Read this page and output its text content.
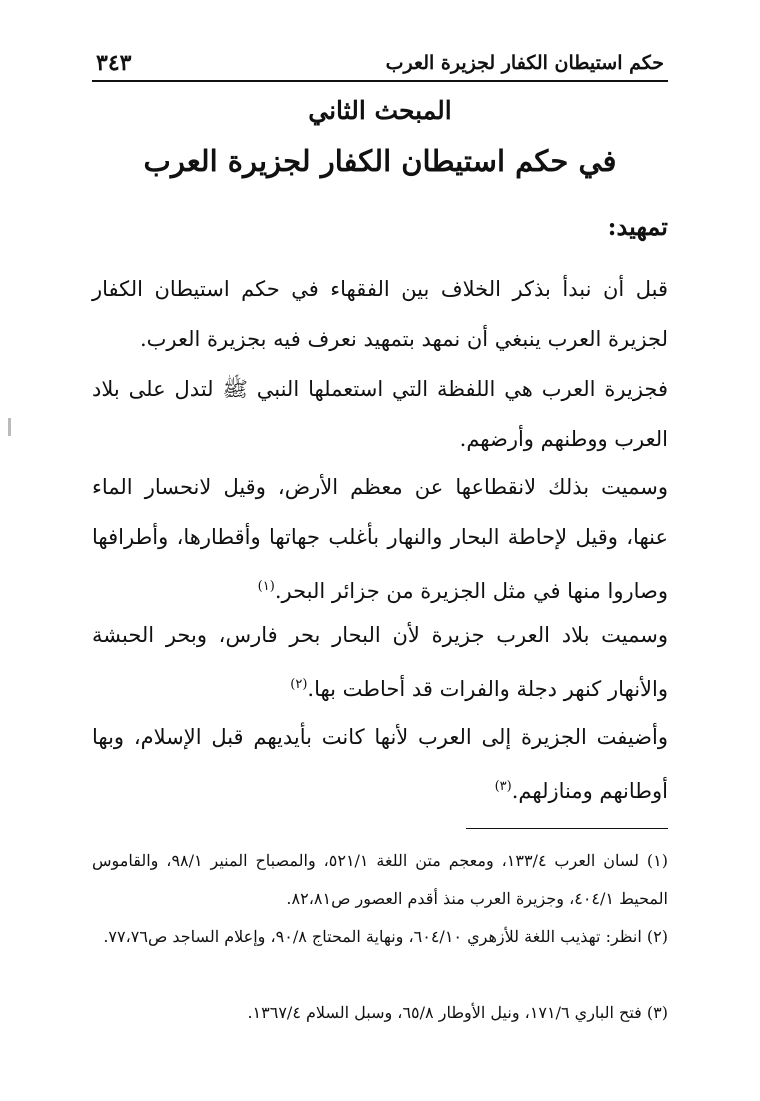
حكم استيطان الكفار لجزيرة العرب
٣٤٣
المبحث الثاني
في حكم استيطان الكفار لجزيرة العرب
تمهيد:

قبل أن نبدأ بذكر الخلاف بين الفقهاء في حكم استيطان الكفار لجزيرة العرب ينبغي أن نمهد بتمهيد نعرف فيه بجزيرة العرب.

فجزيرة العرب هي اللفظة التي استعملها النبي ﷺ لتدل على بلاد العرب ووطنهم وأرضهم.

وسميت بذلك لانقطاعها عن معظم الأرض، وقيل لانحسار الماء عنها، وقيل لإحاطة البحار والنهار بأغلب جهاتها وأقطارها، وأطرافها وصاروا منها في مثل الجزيرة من جزائر البحر.$^{(١)}$

وسميت بلاد العرب جزيرة لأن البحار بحر فارس، وبحر الحبشة والأنهار كنهر دجلة والفرات قد أحاطت بها.$^{(٢)}$

وأضيفت الجزيرة إلى العرب لأنها كانت بأيديهم قبل الإسلام، وبها أوطانهم ومنازلهم.$^{(٣)}$

(١) لسان العرب ١٣٣/٤، ومعجم متن اللغة ٥٢١/١، والمصباح المنير ٩٨/١، والقاموس المحيط ٤٠٤/١، وجزيرة العرب منذ أقدم العصور ص٨٢،٨١.

(٢) انظر: تهذيب اللغة للأزهري ٦٠٤/١٠، ونهاية المحتاج ٩٠/٨، وإعلام الساجد ص٧٧،٧٦.

(٣) فتح الباري ١٧١/٦، ونيل الأوطار ٦٥/٨، وسبل السلام ١٣٦٧/٤.
